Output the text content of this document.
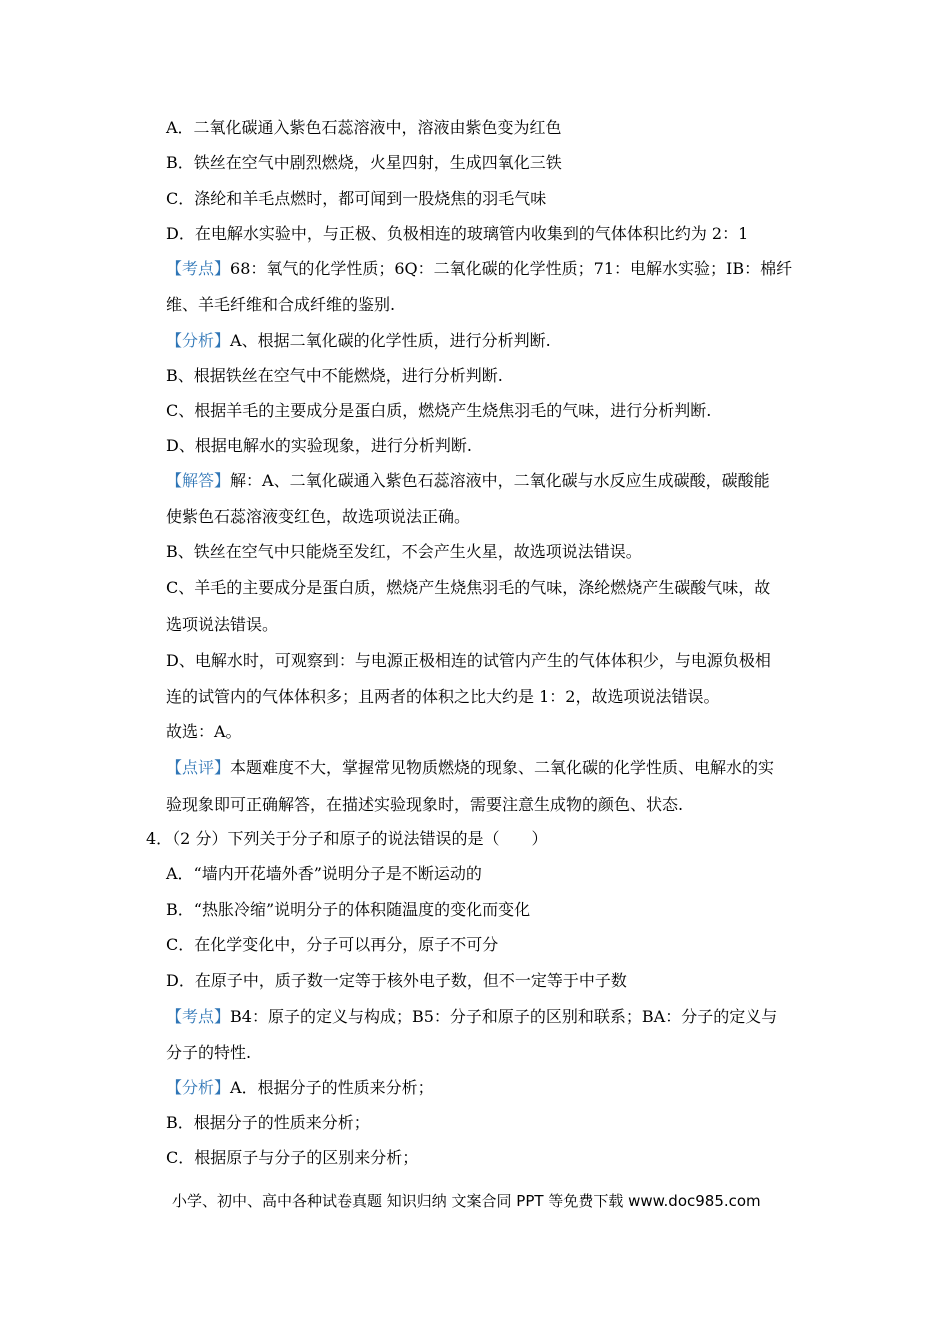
A．二氧化碳通入紫色石蕊溶液中，溶液由紫色变为红色
B．铁丝在空气中剧烈燃烧，火星四射，生成四氧化三铁
C．涤纶和羊毛点燃时，都可闻到一股烧焦的羽毛气味
D．在电解水实验中，与正极、负极相连的玻璃管内收集到的气体体积比约为 2：1
【考点】68：氧气的化学性质；6Q：二氧化碳的化学性质；71：电解水实验；IB：棉纤
维、羊毛纤维和合成纤维的鉴别.
【分析】A、根据二氧化碳的化学性质，进行分析判断.
B、根据铁丝在空气中不能燃烧，进行分析判断.
C、根据羊毛的主要成分是蛋白质，燃烧产生烧焦羽毛的气味，进行分析判断.
D、根据电解水的实验现象，进行分析判断.
【解答】解：A、二氧化碳通入紫色石蕊溶液中，二氧化碳与水反应生成碳酸，碳酸能
使紫色石蕊溶液变红色，故选项说法正确。
B、铁丝在空气中只能烧至发红，不会产生火星，故选项说法错误。
C、羊毛的主要成分是蛋白质，燃烧产生烧焦羽毛的气味，涤纶燃烧产生碳酸气味，故
选项说法错误。
D、电解水时，可观察到：与电源正极相连的试管内产生的气体体积少，与电源负极相
连的试管内的气体体积多；且两者的体积之比大约是 1：2，故选项说法错误。
故选：A。
【点评】本题难度不大，掌握常见物质燃烧的现象、二氧化碳的化学性质、电解水的实
验现象即可正确解答，在描述实验现象时，需要注意生成物的颜色、状态.
4．（2 分）下列关于分子和原子的说法错误的是（　　）
A．“墙内开花墙外香”说明分子是不断运动的
B．“热胀冷缩”说明分子的体积随温度的变化而变化
C．在化学变化中，分子可以再分，原子不可分
D．在原子中，质子数一定等于核外电子数，但不一定等于中子数
【考点】B4：原子的定义与构成；B5：分子和原子的区别和联系；BA：分子的定义与
分子的特性.
【分析】A．根据分子的性质来分析；
B．根据分子的性质来分析；
C．根据原子与分子的区别来分析；
小学、初中、高中各种试卷真题 知识归纳 文案合同 PPT 等免费下载 www.doc985.com
